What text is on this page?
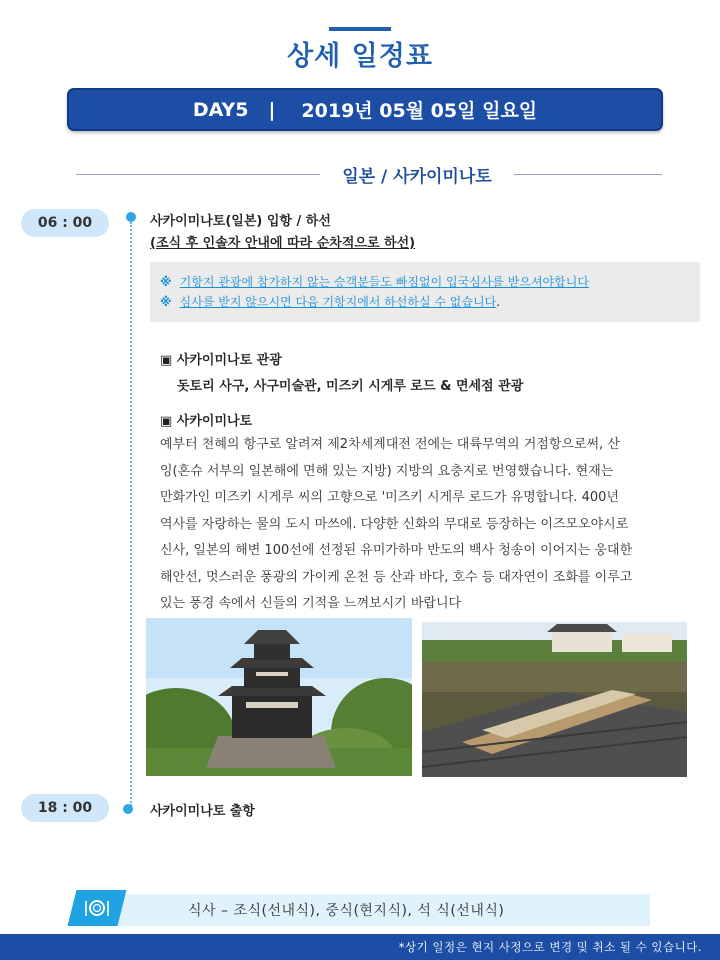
상세 일정표
DAY5 | 2019년 05월 05일 일요일
일본 / 사카이미나토
06 : 00	사카이미나토(일본) 입항 / 하선
(조식 후 인솔자 안내에 따라 순차적으로 하선)
※ 기항지 관광에 참가하지 않는 승객분들도 빠짐없이 입국심사를 받으셔야합니다
※ 심사를 받지 않으시면 다음 기항지에서 하선하실 수 없습니다 .
▣ 사카이미나토 관광
돗토리 사구, 사구미술관, 미즈키 시게루 로드 & 면세점 관광
▣ 사카이미나토
예부터 천혜의 항구로 알려져 제2차세계대전 전에는 대륙무역의 거점항으로써, 산
잉(혼슈 서부의 일본해에 면해 있는 지방) 지방의 요충지로 번영했습니다. 현재는
만화가인 미즈키 시게루 씨의 고향으로 '미즈키 시게루 로드가 유명합니다. 400년
역사를 자랑하는 물의 도시 마쓰에. 다양한 신화의 무대로 등장하는 이즈모오야시로
신사, 일본의 해변 100선에 선정된 유미가하마 반도의 백사 청송이 이어지는 웅대한
해안선, 멋스러운 풍광의 가이케 온천 등 산과 바다, 호수 등 대자연이 조화를 이루고
있는 풍경 속에서 신들의 기적을 느껴보시기 바랍니다
18 : 00	사카이미나토 출항
식사 – 조식(선내식), 중식(현지식), 석 식(선내식)
*상기 일정은 현지 사정으로 변경 및 취소 될 수 있습니다.
